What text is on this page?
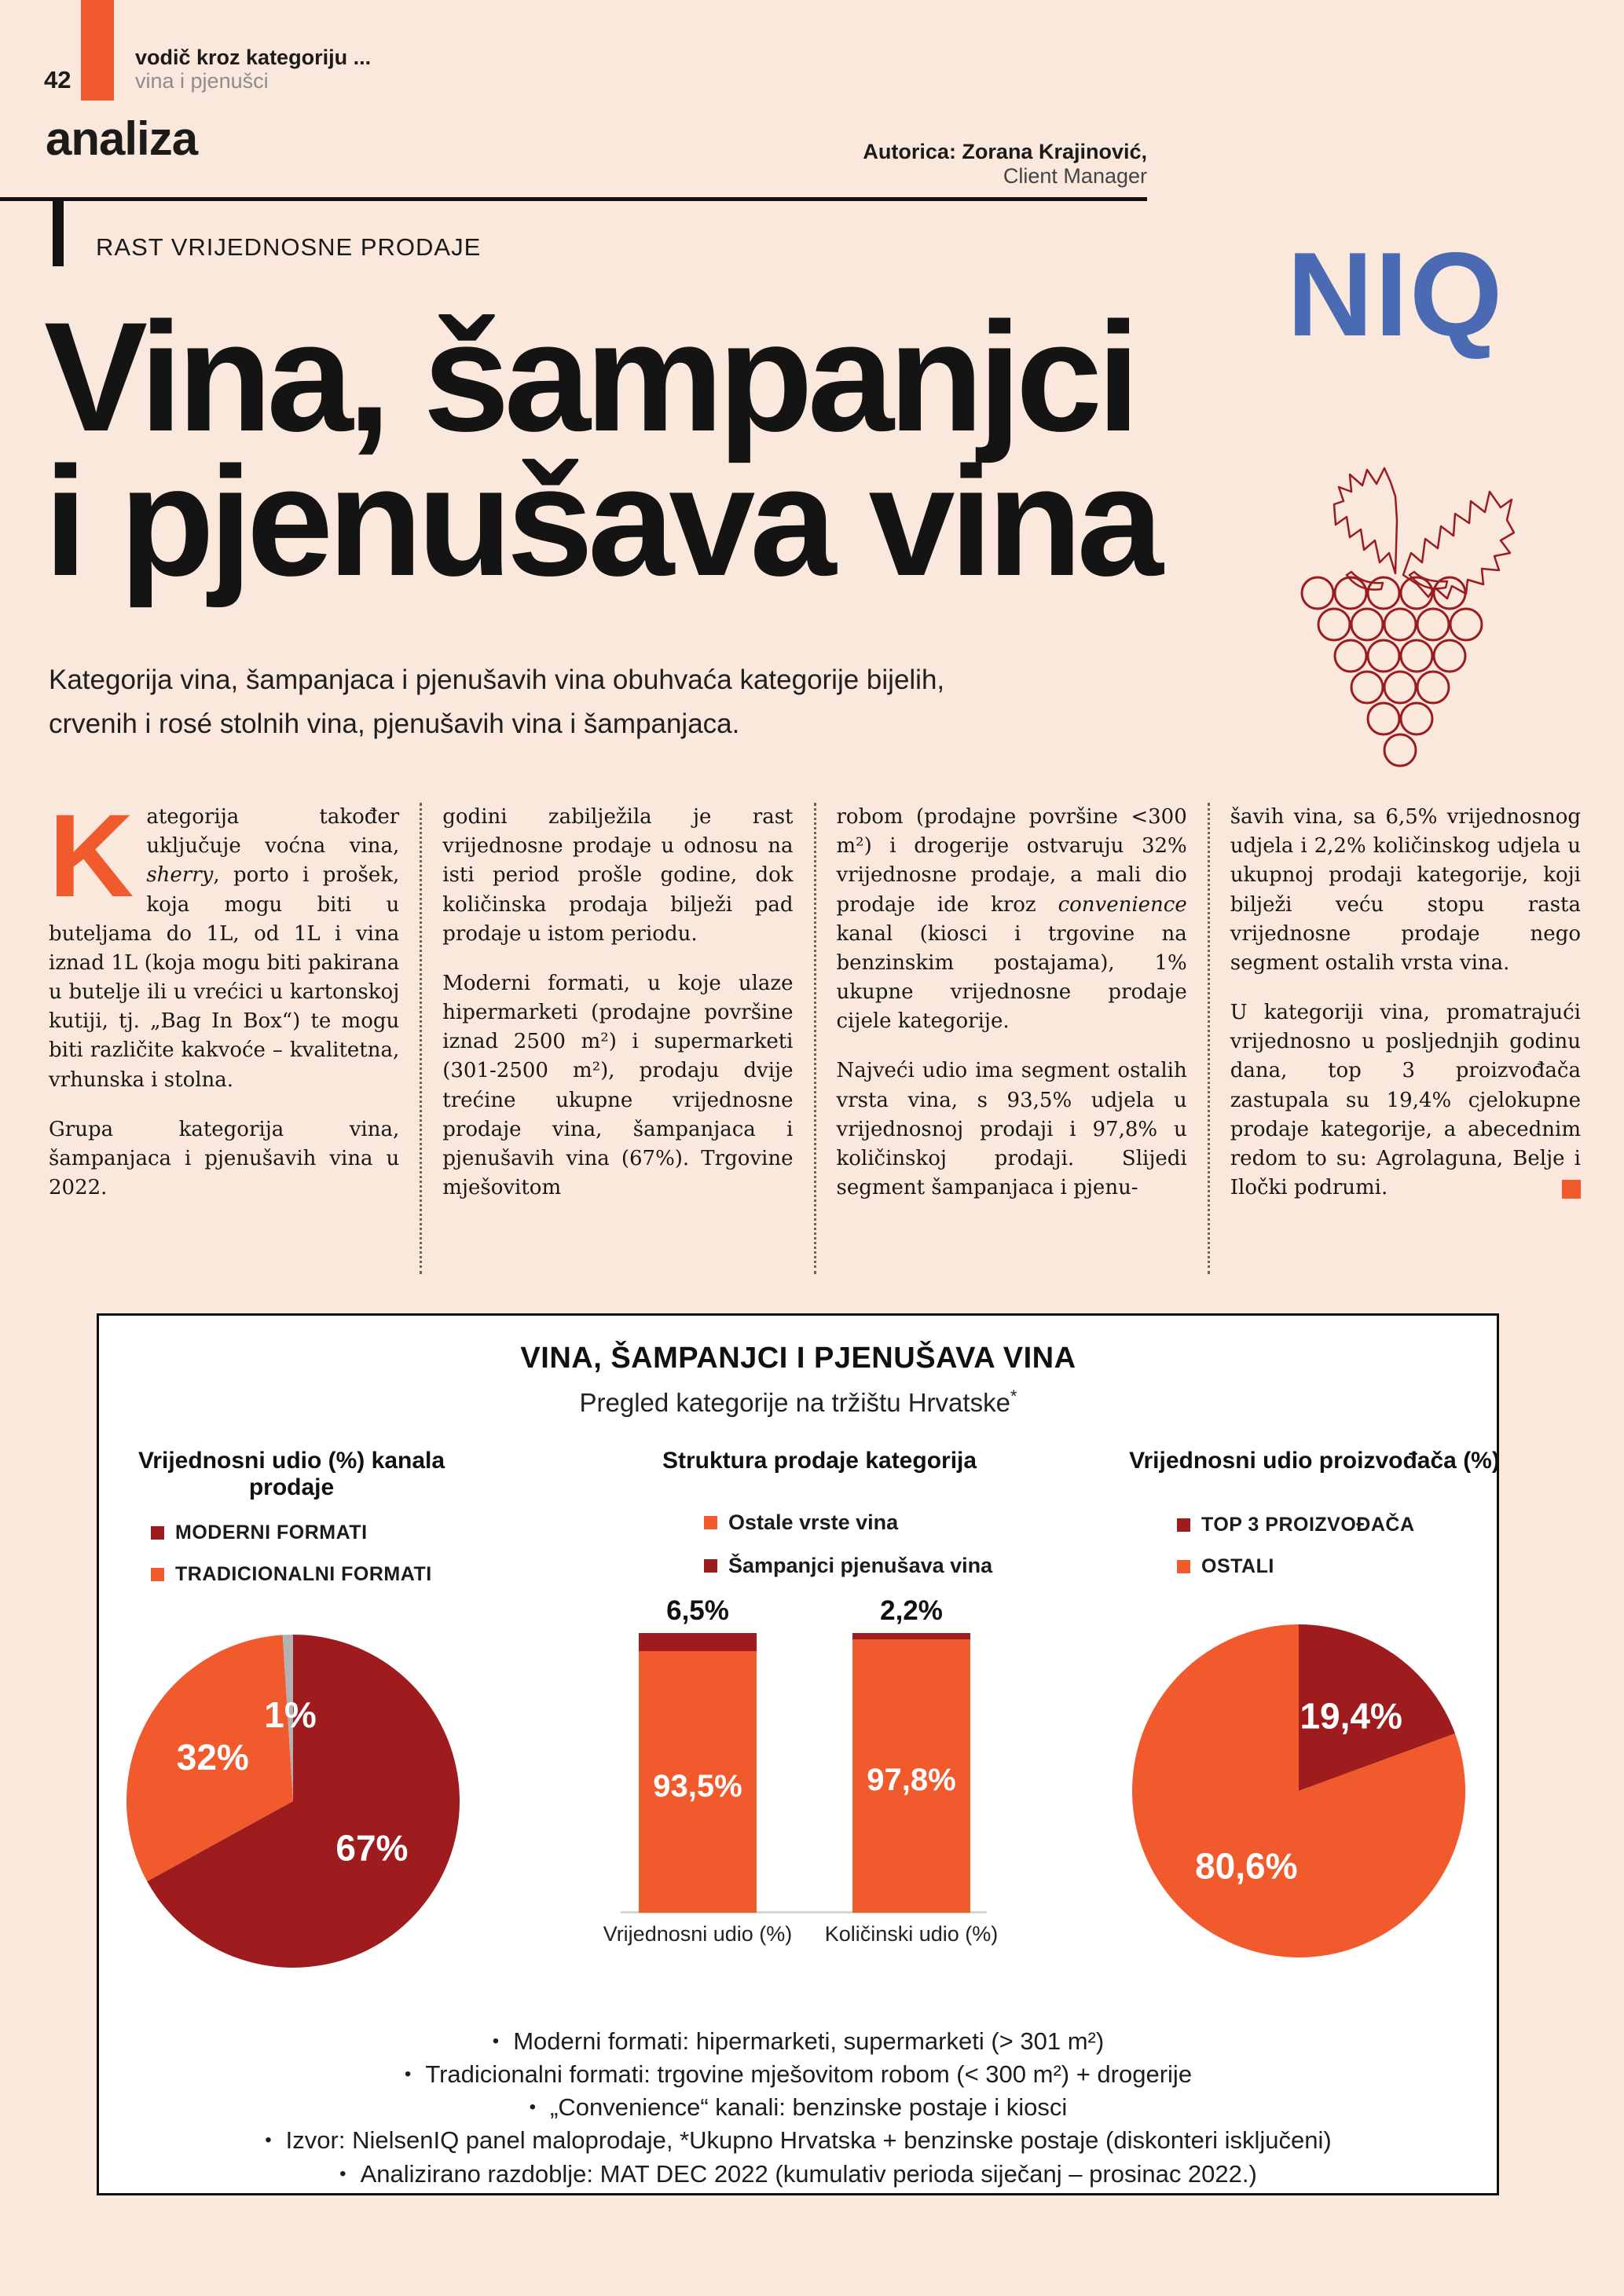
42
vodič kroz kategoriju ...
vina i pjenušci
analiza	Autorica: Zorana Krajinović,
Client Manager
RAST VRIJEDNOSNE PRODAJE	NIQ
Vina, šampanjci
i pjenušava vina
Kategorija vina, šampanjaca i pjenušavih vina obuhvaća kategorije bijelih,
crvenih i rosé stolnih vina, pjenušavih vina i šampanjaca.

Kategorija također uključuje voćna vina, sherry, porto i prošek, koja mogu biti u buteljama do 1L, od 1L i vina iznad 1L (koja mogu biti pakirana u butelje ili u vrećici u kartonskoj kutiji, tj. „Bag In Box“) te mogu biti različite kakvoće – kvalitetna, vrhunska i stolna.

Grupa kategorija vina, šampanjaca i pjenušavih vina u 2022.

godini zabilježila je rast vrijednosne prodaje u odnosu na isti period prošle godine, dok količinska prodaja bilježi pad prodaje u istom periodu.

Moderni formati, u koje ulaze hipermarketi (prodajne površine iznad 2500 m²) i supermarketi (301-2500 m²), prodaju dvije trećine ukupne vrijednosne prodaje vina, šampanjaca i pjenušavih vina (67%). Trgovine mješovitom

robom (prodajne površine <300 m²) i drogerije ostvaruju 32% vrijednosne prodaje, a mali dio prodaje ide kroz convenience kanal (kiosci i trgovine na benzinskim postajama), 1% ukupne vrijednosne prodaje cijele kategorije.

Najveći udio ima segment ostalih vrsta vina, s 93,5% udjela u vrijednosnoj prodaji i 97,8% u količinskoj prodaji. Slijedi segment šampanjaca i pjenu-

šavih vina, sa 6,5% vrijednosnog udjela i 2,2% količinskog udjela u ukupnoj prodaji kategorije, koji bilježi veću stopu rasta vrijednosne prodaje nego segment ostalih vrsta vina.

U kategoriji vina, promatrajući vrijednosno u posljednjih godinu dana, top 3 proizvođača zastupala su 19,4% cjelokupne prodaje kategorije, a abecednim redom to su: Agrolaguna, Belje i Iločki podrumi.

VINA, ŠAMPANJCI I PJENUŠAVA VINA
Pregled kategorije na tržištu Hrvatske*
Vrijednosni udio (%) kanala prodaje
Struktura prodaje kategorija	Vrijednosni udio proizvođača (%)
MODERNI FORMATI
TRADICIONALNI FORMATI
Ostale vrste vina
Šampanjci pjenušava vina
TOP 3 PROIZVOĐAČA
OSTALI
67%
32%
1%	19,4%
80,6%
6,5%
93,5%
Vrijednosni udio (%)
2,2%
97,8%
Količinski udio (%)
• Moderni formati: hipermarketi, supermarketi (> 301 m²)
• Tradicionalni formati: trgovine mješovitom robom (< 300 m²) + drogerije
• „Convenience“ kanali: benzinske postaje i kiosci
• Izvor: NielsenIQ panel maloprodaje, *Ukupno Hrvatska + benzinske postaje (diskonteri isključeni)
• Analizirano razdoblje: MAT DEC 2022 (kumulativ perioda siječanj – prosinac 2022.)
